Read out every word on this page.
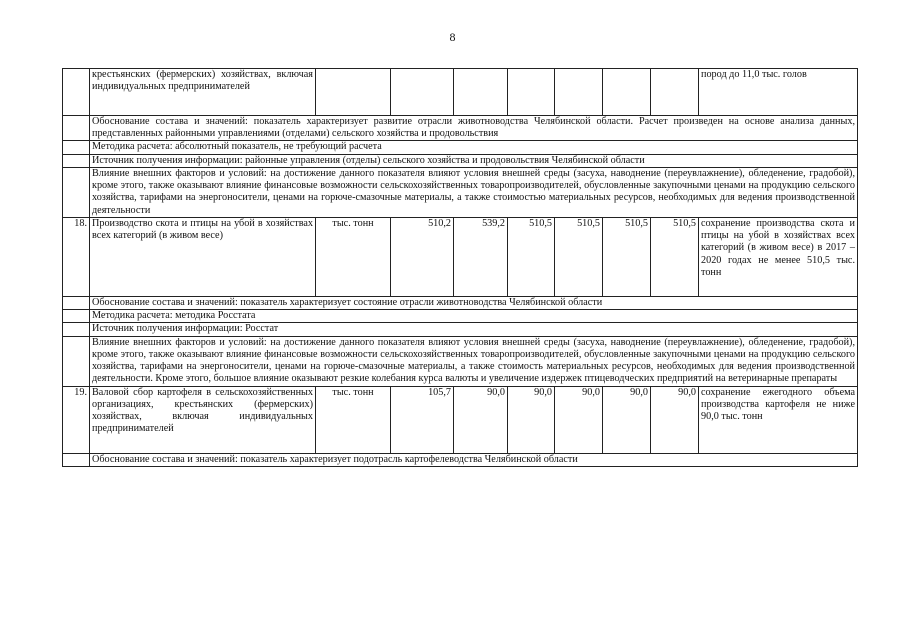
8
	крестьянских (фермерских) хозяйствах, включая индивидуальных предпринимателей								пород до 11,0 тыс. голов
	Обоснование состава и значений: показатель характеризует развитие отрасли животноводства Челябинской области. Расчет произведен на основе анализа данных, представленных районными управлениями (отделами) сельского хозяйства и продовольствия								
	Методика расчета: абсолютный показатель, не требующий расчета								
	Источник получения информации: районные управления (отделы) сельского хозяйства и продовольствия Челябинской области								
	Влияние внешних факторов и условий: на достижение данного показателя влияют условия внешней среды (засуха, наводнение (переувлажнение), обледенение, градобой), кроме этого, также оказывают влияние финансовые возможности сельскохозяйственных товаропроизводителей, обусловленные закупочными ценами на продукцию сельского хозяйства, тарифами на энергоносители, ценами на горюче-смазочные материалы, а также стоимостью материальных ресурсов, необходимых для ведения производственной деятельности								
18.	Производство скота и птицы на убой в хозяйствах всех категорий (в живом весе)	тыс. тонн	510,2	539,2	510,5	510,5	510,5	510,5	сохранение производства скота и птицы на убой в хозяйствах всех категорий (в живом весе) в 2017 – 2020 годах не менее 510,5 тыс. тонн
	Обоснование состава и значений: показатель характеризует состояние отрасли животноводства Челябинской области								
	Методика расчета: методика Росстата								
	Источник получения информации: Росстат								
	Влияние внешних факторов и условий: на достижение данного показателя влияют условия внешней среды (засуха, наводнение (переувлажнение), обледенение, градобой), кроме этого, также оказывают влияние финансовые возможности сельскохозяйственных товаропроизводителей, обусловленные закупочными ценами на продукцию сельского хозяйства, тарифами на энергоносители, ценами на горюче-смазочные материалы, а также стоимость материальных ресурсов, необходимых для ведения производственной деятельности. Кроме этого, большое влияние оказывают резкие колебания курса валюты и увеличение издержек птицеводческих предприятий на ветеринарные препараты								
19.	Валовой сбор картофеля в сельскохозяйственных организациях, крестьянских (фермерских) хозяйствах, включая индивидуальных предпринимателей	тыс. тонн	105,7	90,0	90,0	90,0	90,0	90,0	сохранение ежегодного объема производства картофеля не ниже 90,0 тыс. тонн
	Обоснование состава и значений: показатель характеризует подотрасль картофелеводства Челябинской области								
